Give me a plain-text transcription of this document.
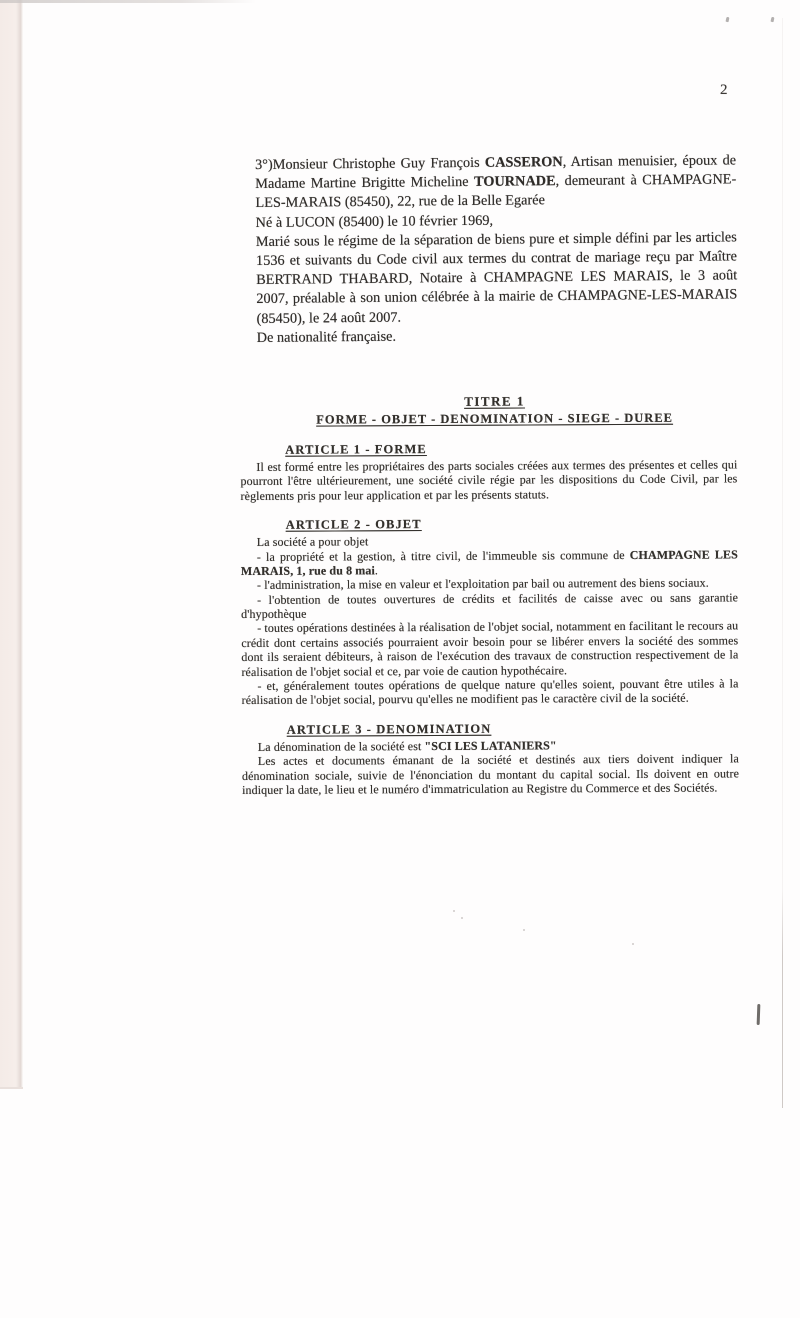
2

3°)Monsieur Christophe Guy François CASSERON, Artisan menuisier, époux de Madame Martine Brigitte Micheline TOURNADE, demeurant à CHAMPAGNE-LES-MARAIS (85450), 22, rue de la Belle Egarée

Né à LUCON (85400) le 10 février 1969,

Marié sous le régime de la séparation de biens pure et simple défini par les articles 1536 et suivants du Code civil aux termes du contrat de mariage reçu par Maître BERTRAND THABARD, Notaire à CHAMPAGNE LES MARAIS, le 3 août 2007, préalable à son union célébrée à la mairie de CHAMPAGNE-LES-MARAIS (85450), le 24 août 2007.

De nationalité française.

TITRE 1
FORME - OBJET - DENOMINATION - SIEGE - DUREE
ARTICLE 1 - FORME

Il est formé entre les propriétaires des parts sociales créées aux termes des présentes et celles qui pourront l'être ultérieurement, une société civile régie par les dispositions du Code Civil, par les règlements pris pour leur application et par les présents statuts.

ARTICLE 2 - OBJET

La société a pour objet

- la propriété et la gestion, à titre civil, de l'immeuble sis commune de CHAMPAGNE LES MARAIS, 1, rue du 8 mai.

- l'administration, la mise en valeur et l'exploitation par bail ou autrement des biens sociaux.

- l'obtention de toutes ouvertures de crédits et facilités de caisse avec ou sans garantie d'hypothèque

- toutes opérations destinées à la réalisation de l'objet social, notamment en facilitant le recours au crédit dont certains associés pourraient avoir besoin pour se libérer envers la société des sommes dont ils seraient débiteurs, à raison de l'exécution des travaux de construction respectivement de la réalisation de l'objet social et ce, par voie de caution hypothécaire.

- et, généralement toutes opérations de quelque nature qu'elles soient, pouvant être utiles à la réalisation de l'objet social, pourvu qu'elles ne modifient pas le caractère civil de la société.

ARTICLE 3 - DENOMINATION

La dénomination de la société est "SCI LES LATANIERS"

Les actes et documents émanant de la société et destinés aux tiers doivent indiquer la dénomination sociale, suivie de l'énonciation du montant du capital social. Ils doivent en outre indiquer la date, le lieu et le numéro d'immatriculation au Registre du Commerce et des Sociétés.
